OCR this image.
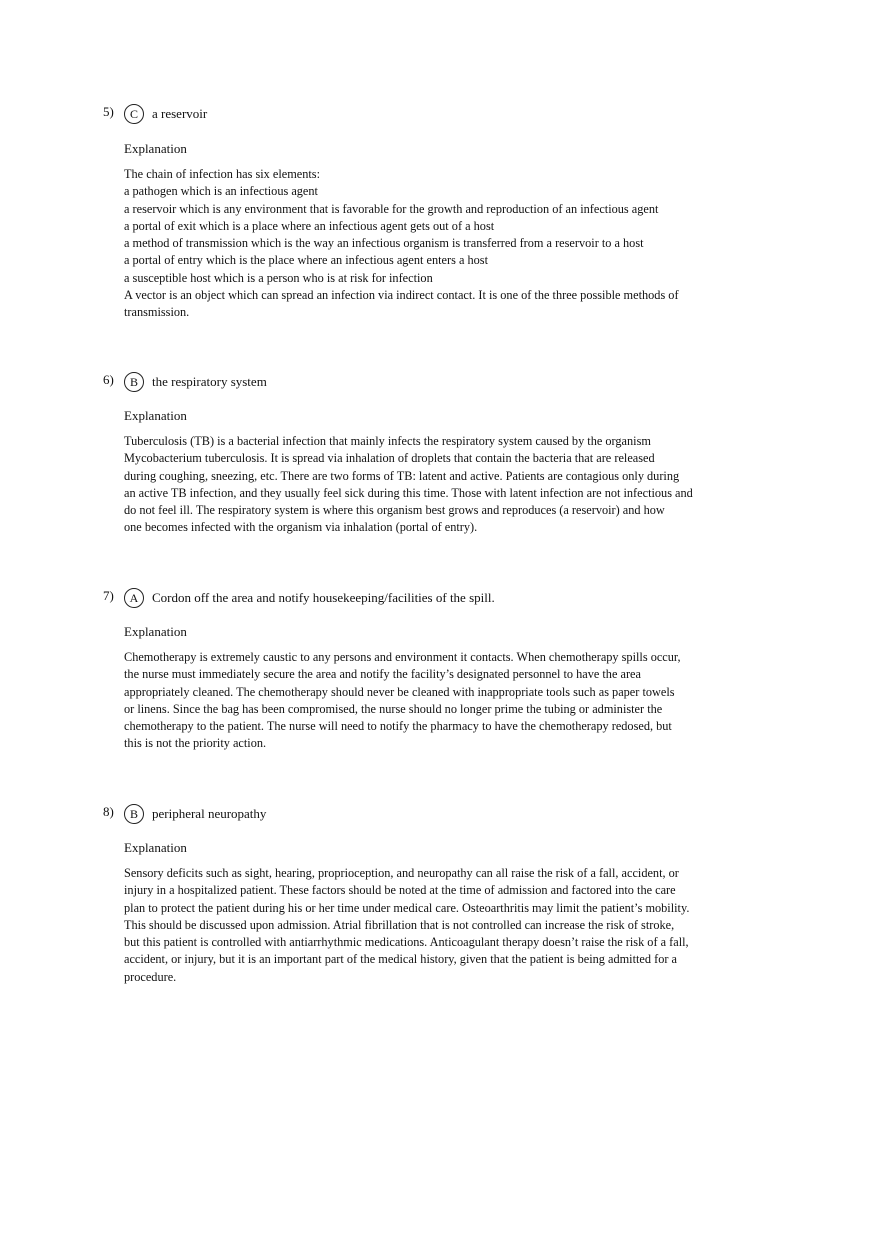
5)	C	a reservoir
Explanation
The chain of infection has six elements:
a pathogen which is an infectious agent
a reservoir which is any environment that is favorable for the growth and reproduction of an infectious agent
a portal of exit which is a place where an infectious agent gets out of a host
a method of transmission which is the way an infectious organism is transferred from a reservoir to a host
a portal of entry which is the place where an infectious agent enters a host
a susceptible host which is a person who is at risk for infection
A vector is an object which can spread an infection via indirect contact. It is one of the three possible methods of
transmission.
6)	B	the respiratory system
Explanation
Tuberculosis (TB) is a bacterial infection that mainly infects the respiratory system caused by the organism
Mycobacterium tuberculosis. It is spread via inhalation of droplets that contain the bacteria that are released
during coughing, sneezing, etc. There are two forms of TB: latent and active. Patients are contagious only during
an active TB infection, and they usually feel sick during this time. Those with latent infection are not infectious and
do not feel ill. The respiratory system is where this organism best grows and reproduces (a reservoir) and how
one becomes infected with the organism via inhalation (portal of entry).
7)	A	Cordon off the area and notify housekeeping/facilities of the spill.
Explanation
Chemotherapy is extremely caustic to any persons and environment it contacts. When chemotherapy spills occur,
the nurse must immediately secure the area and notify the facility’s designated personnel to have the area
appropriately cleaned. The chemotherapy should never be cleaned with inappropriate tools such as paper towels
or linens. Since the bag has been compromised, the nurse should no longer prime the tubing or administer the
chemotherapy to the patient. The nurse will need to notify the pharmacy to have the chemotherapy redosed, but
this is not the priority action.
8)	B	peripheral neuropathy
Explanation
Sensory deficits such as sight, hearing, proprioception, and neuropathy can all raise the risk of a fall, accident, or
injury in a hospitalized patient. These factors should be noted at the time of admission and factored into the care
plan to protect the patient during his or her time under medical care. Osteoarthritis may limit the patient’s mobility.
This should be discussed upon admission. Atrial fibrillation that is not controlled can increase the risk of stroke,
but this patient is controlled with antiarrhythmic medications. Anticoagulant therapy doesn’t raise the risk of a fall,
accident, or injury, but it is an important part of the medical history, given that the patient is being admitted for a
procedure.
